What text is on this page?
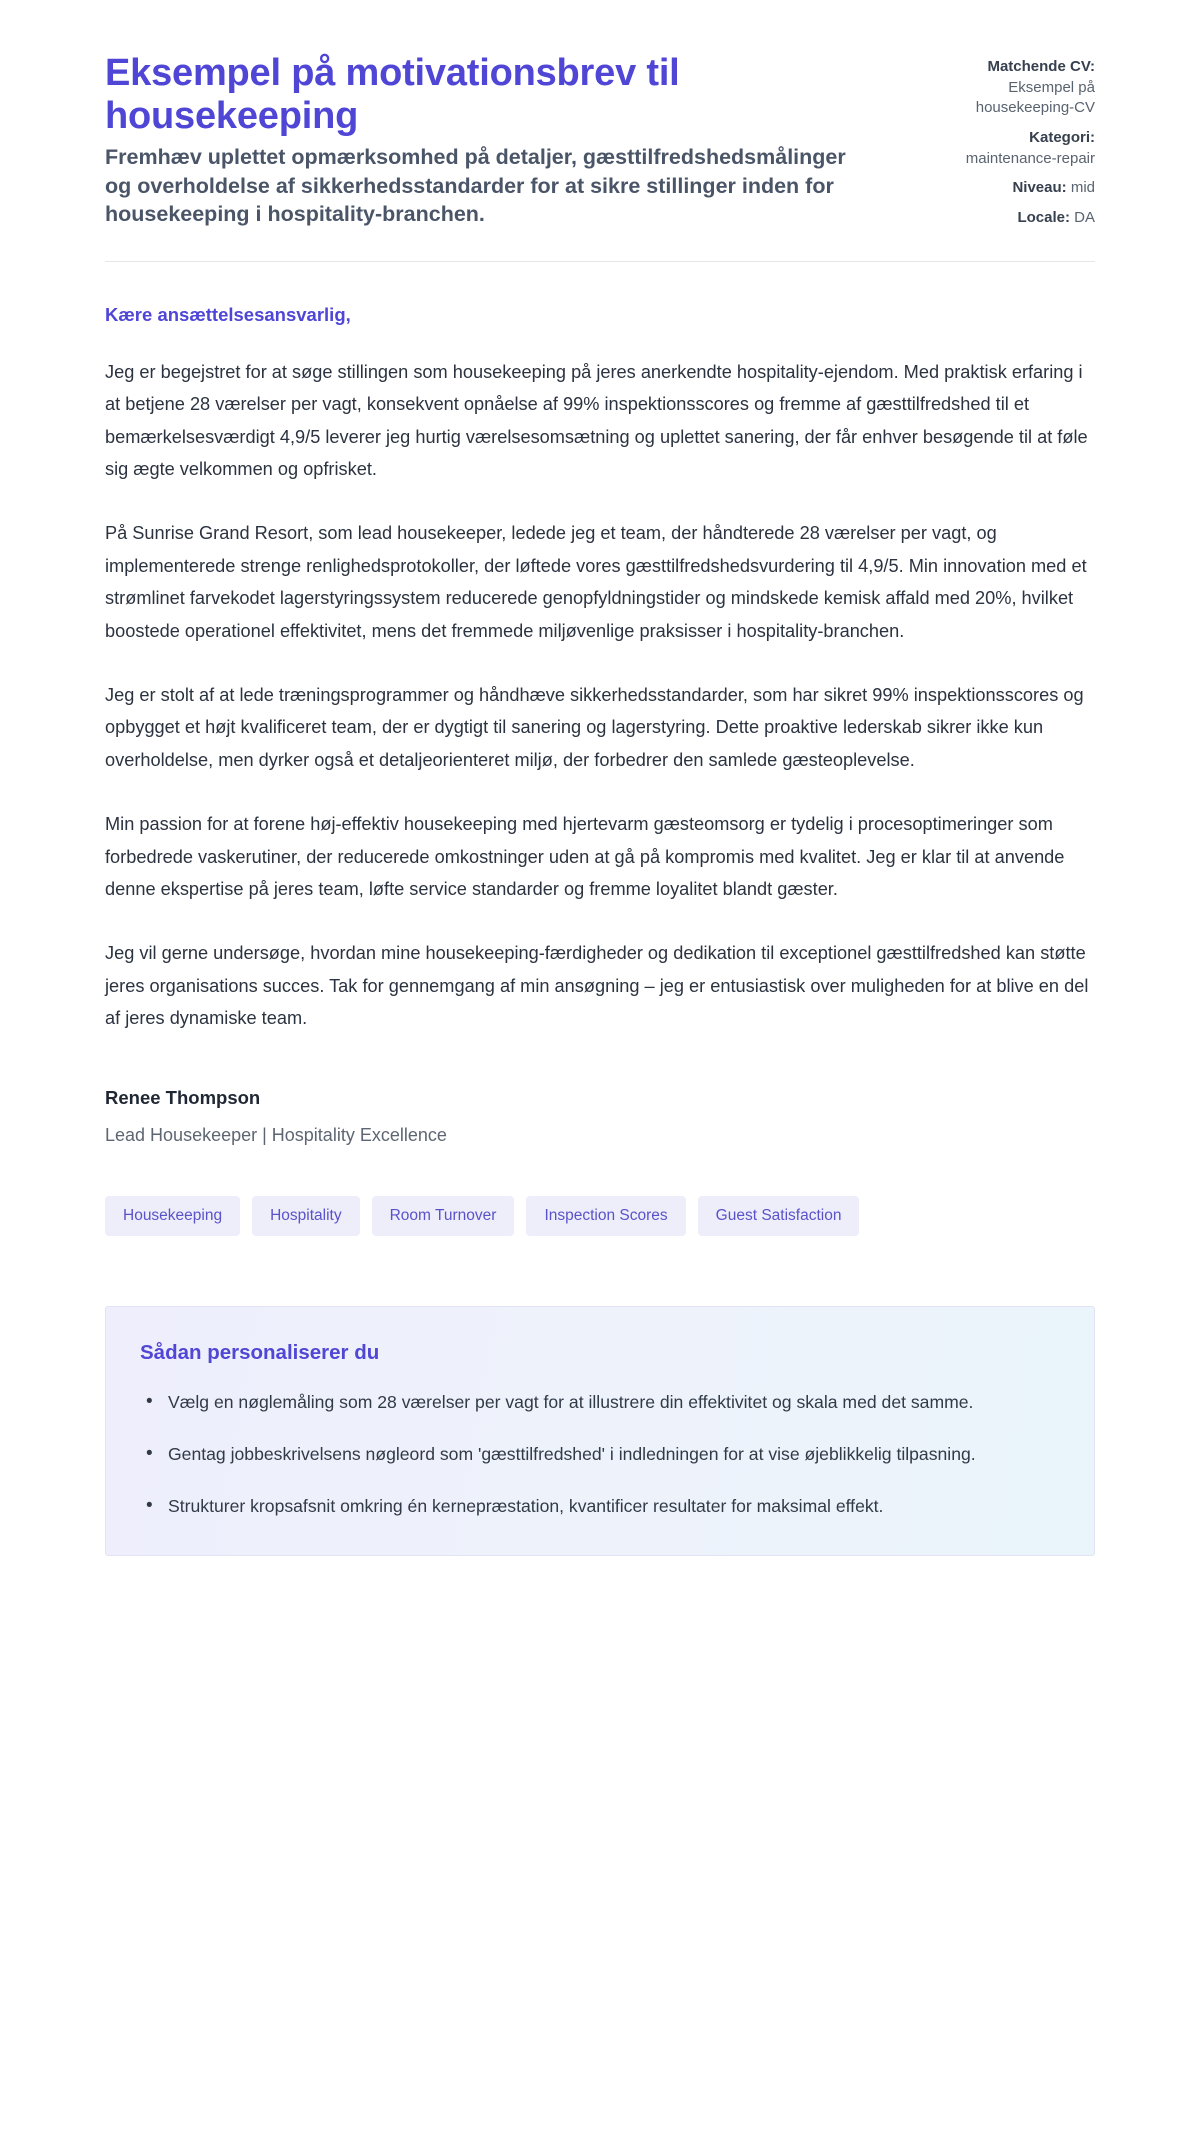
Eksempel på motivationsbrev til housekeeping

Fremhæv uplettet opmærksomhed på detaljer, gæsttilfredshedsmålinger og overholdelse af sikkerhedsstandarder for at sikre stillinger inden for housekeeping i hospitality-branchen.

Matchende CV: Eksempel på housekeeping-CV
Kategori: maintenance-repair
Niveau: mid
Locale: DA

Kære ansættelsesansvarlig,

Jeg er begejstret for at søge stillingen som housekeeping på jeres anerkendte hospitality-ejendom. Med praktisk erfaring i at betjene 28 værelser per vagt, konsekvent opnåelse af 99% inspektionsscores og fremme af gæsttilfredshed til et bemærkelsesværdigt 4,9/5 leverer jeg hurtig værelsesomsætning og uplettet sanering, der får enhver besøgende til at føle sig ægte velkommen og opfrisket.

På Sunrise Grand Resort, som lead housekeeper, ledede jeg et team, der håndterede 28 værelser per vagt, og implementerede strenge renlighedsprotokoller, der løftede vores gæsttilfredshedsvurdering til 4,9/5. Min innovation med et strømlinet farvekodet lagerstyringssystem reducerede genopfyldningstider og mindskede kemisk affald med 20%, hvilket boostede operationel effektivitet, mens det fremmede miljøvenlige praksisser i hospitality-branchen.

Jeg er stolt af at lede træningsprogrammer og håndhæve sikkerhedsstandarder, som har sikret 99% inspektionsscores og opbygget et højt kvalificeret team, der er dygtigt til sanering og lagerstyring. Dette proaktive lederskab sikrer ikke kun overholdelse, men dyrker også et detaljeorienteret miljø, der forbedrer den samlede gæsteoplevelse.

Min passion for at forene høj-effektiv housekeeping med hjertevarm gæsteomsorg er tydelig i procesoptimeringer som forbedrede vaskerutiner, der reducerede omkostninger uden at gå på kompromis med kvalitet. Jeg er klar til at anvende denne ekspertise på jeres team, løfte service standarder og fremme loyalitet blandt gæster.

Jeg vil gerne undersøge, hvordan mine housekeeping-færdigheder og dedikation til exceptionel gæsttilfredshed kan støtte jeres organisations succes. Tak for gennemgang af min ansøgning – jeg er entusiastisk over muligheden for at blive en del af jeres dynamiske team.

Renee Thompson

Lead Housekeeper | Hospitality Excellence

Housekeeping	Hospitality	Room Turnover	Inspection Scores	Guest Satisfaction
Sådan personaliserer du
• Vælg en nøglemåling som 28 værelser per vagt for at illustrere din effektivitet og skala med det samme.
• Gentag jobbeskrivelsens nøgleord som 'gæsttilfredshed' i indledningen for at vise øjeblikkelig tilpasning.
• Strukturer kropsafsnit omkring én kernepræstation, kvantificer resultater for maksimal effekt.
